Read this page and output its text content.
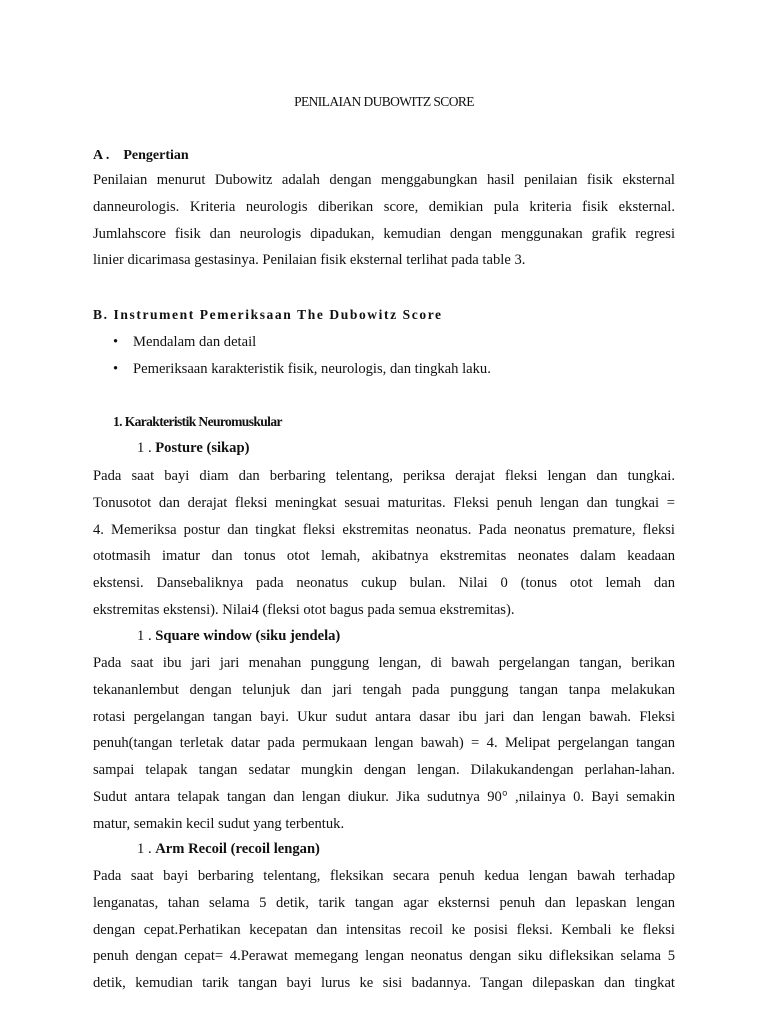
PENILAIAN DUBOWITZ SCORE
A . Pengertian
Penilaian menurut Dubowitz adalah dengan menggabungkan hasil penilaian fisik eksternal
danneurologis. Kriteria neurologis diberikan score, demikian pula kriteria fisik eksternal.
Jumlahscore fisik dan neurologis dipadukan, kemudian dengan menggunakan grafik regresi
linier dicarimasa gestasinya. Penilaian fisik eksternal terlihat pada table 3.
B. Instrument Pemeriksaan The Dubowitz Score
• Mendalam dan detail
• Pemeriksaan karakteristik fisik, neurologis, dan tingkah laku.
1. Karakteristik Neuromuskular
1 . Posture (sikap)
Pada saat bayi diam dan berbaring telentang, periksa derajat fleksi lengan dan tungkai.
Tonusotot dan derajat fleksi meningkat sesuai maturitas. Fleksi penuh lengan dan tungkai =
4. Memeriksa postur dan tingkat fleksi ekstremitas neonatus. Pada neonatus premature, fleksi
ototmasih imatur dan tonus otot lemah, akibatnya ekstremitas neonates dalam keadaan
ekstensi. Dansebaliknya pada neonatus cukup bulan. Nilai 0 (tonus otot lemah dan
ekstremitas ekstensi). Nilai4 (fleksi otot bagus pada semua ekstremitas).
1 . Square window (siku jendela)
Pada saat ibu jari jari menahan punggung lengan, di bawah pergelangan tangan, berikan
tekananlembut dengan telunjuk dan jari tengah pada punggung tangan tanpa melakukan
rotasi pergelangan tangan bayi. Ukur sudut antara dasar ibu jari dan lengan bawah. Fleksi
penuh(tangan terletak datar pada permukaan lengan bawah) = 4. Melipat pergelangan tangan
sampai telapak tangan sedatar mungkin dengan lengan. Dilakukandengan perlahan-lahan.
Sudut antara telapak tangan dan lengan diukur. Jika sudutnya 90° ,nilainya 0. Bayi semakin
matur, semakin kecil sudut yang terbentuk.
1 . Arm Recoil (recoil lengan)
Pada saat bayi berbaring telentang, fleksikan secara penuh kedua lengan bawah terhadap
lenganatas, tahan selama 5 detik, tarik tangan agar eksternsi penuh dan lepaskan lengan
dengan cepat.Perhatikan kecepatan dan intensitas recoil ke posisi fleksi. Kembali ke fleksi
penuh dengan cepat= 4.Perawat memegang lengan neonatus dengan siku difleksikan selama 5
detik, kemudian tarik tangan bayi lurus ke sisi badannya. Tangan dilepaskan dan tingkat
